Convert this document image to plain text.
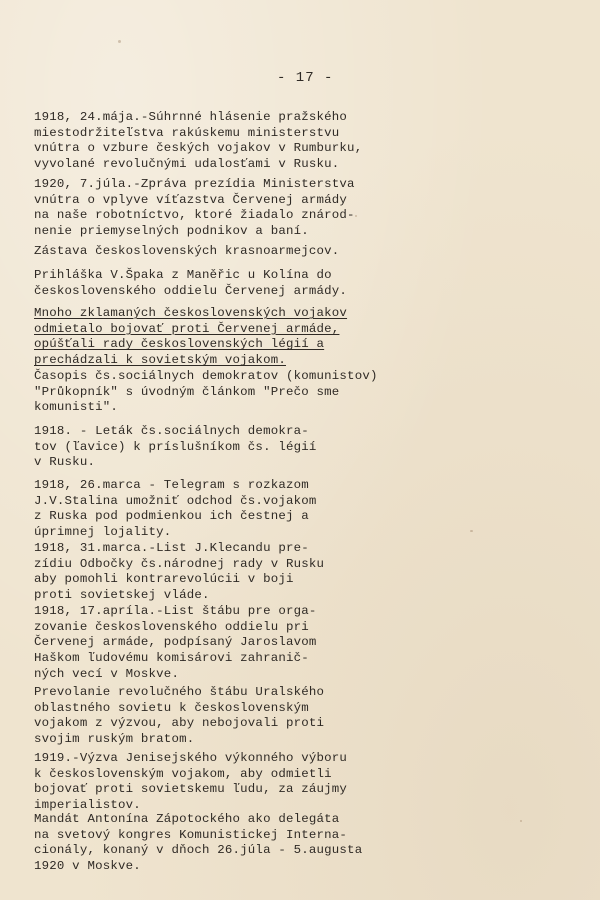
- 17 -

1918, 24.mája.-Súhrnné hlásenie pražského
miestodržiteľstva rakúskemu ministerstvu
vnútra o vzbure českých vojakov v Rumburku,
vyvolané revolučnými udalosťami v Rusku.

1920, 7.júla.-Zpráva prezídia Ministerstva
vnútra o vplyve víťazstva Červenej armády
na naše robotníctvo, ktoré žiadalo znárod-
nenie priemyselných podnikov a baní.

Zástava československých krasnoarmejcov.

Prihláška V.Špaka z Maněřic u Kolína do
československého oddielu Červenej armády.

Mnoho zklamaných československých vojakov
odmietalo bojovať proti Červenej armáde,
opúšťali rady československých légií a
prechádzali k sovietským vojakom.

Časopis čs.sociálnych demokratov (komunistov)
"Průkopník" s úvodným článkom "Prečo sme
komunisti".

1918. - Leták čs.sociálnych demokra-
tov (ľavice) k príslušníkom čs. légií
v Rusku.

1918, 26.marca - Telegram s rozkazom
J.V.Stalina umožniť odchod čs.vojakom
z Ruska pod podmienkou ich čestnej a
úprimnej lojality.

1918, 31.marca.-List J.Klecandu pre-
zídiu Odbočky čs.národnej rady v Rusku
aby pomohli kontrarevolúcii v boji
proti sovietskej vláde.

1918, 17.apríla.-List štábu pre orga-
zovanie československého oddielu pri
Červenej armáde, podpísaný Jaroslavom
Haškom ľudovému komisárovi zahranič-
ných vecí v Moskve.

Prevolanie revolučného štábu Uralského
oblastného sovietu k československým
vojakom z výzvou, aby nebojovali proti
svojim ruským bratom.

1919.-Výzva Jenisejského výkonného výboru
k československým vojakom, aby odmietli
bojovať proti sovietskemu ľudu, za záujmy
imperialistov.

Mandát Antonína Zápotockého ako delegáta
na svetový kongres Komunistickej Interna-
cionály, konaný v dňoch 26.júla - 5.augusta
1920 v Moskve.
